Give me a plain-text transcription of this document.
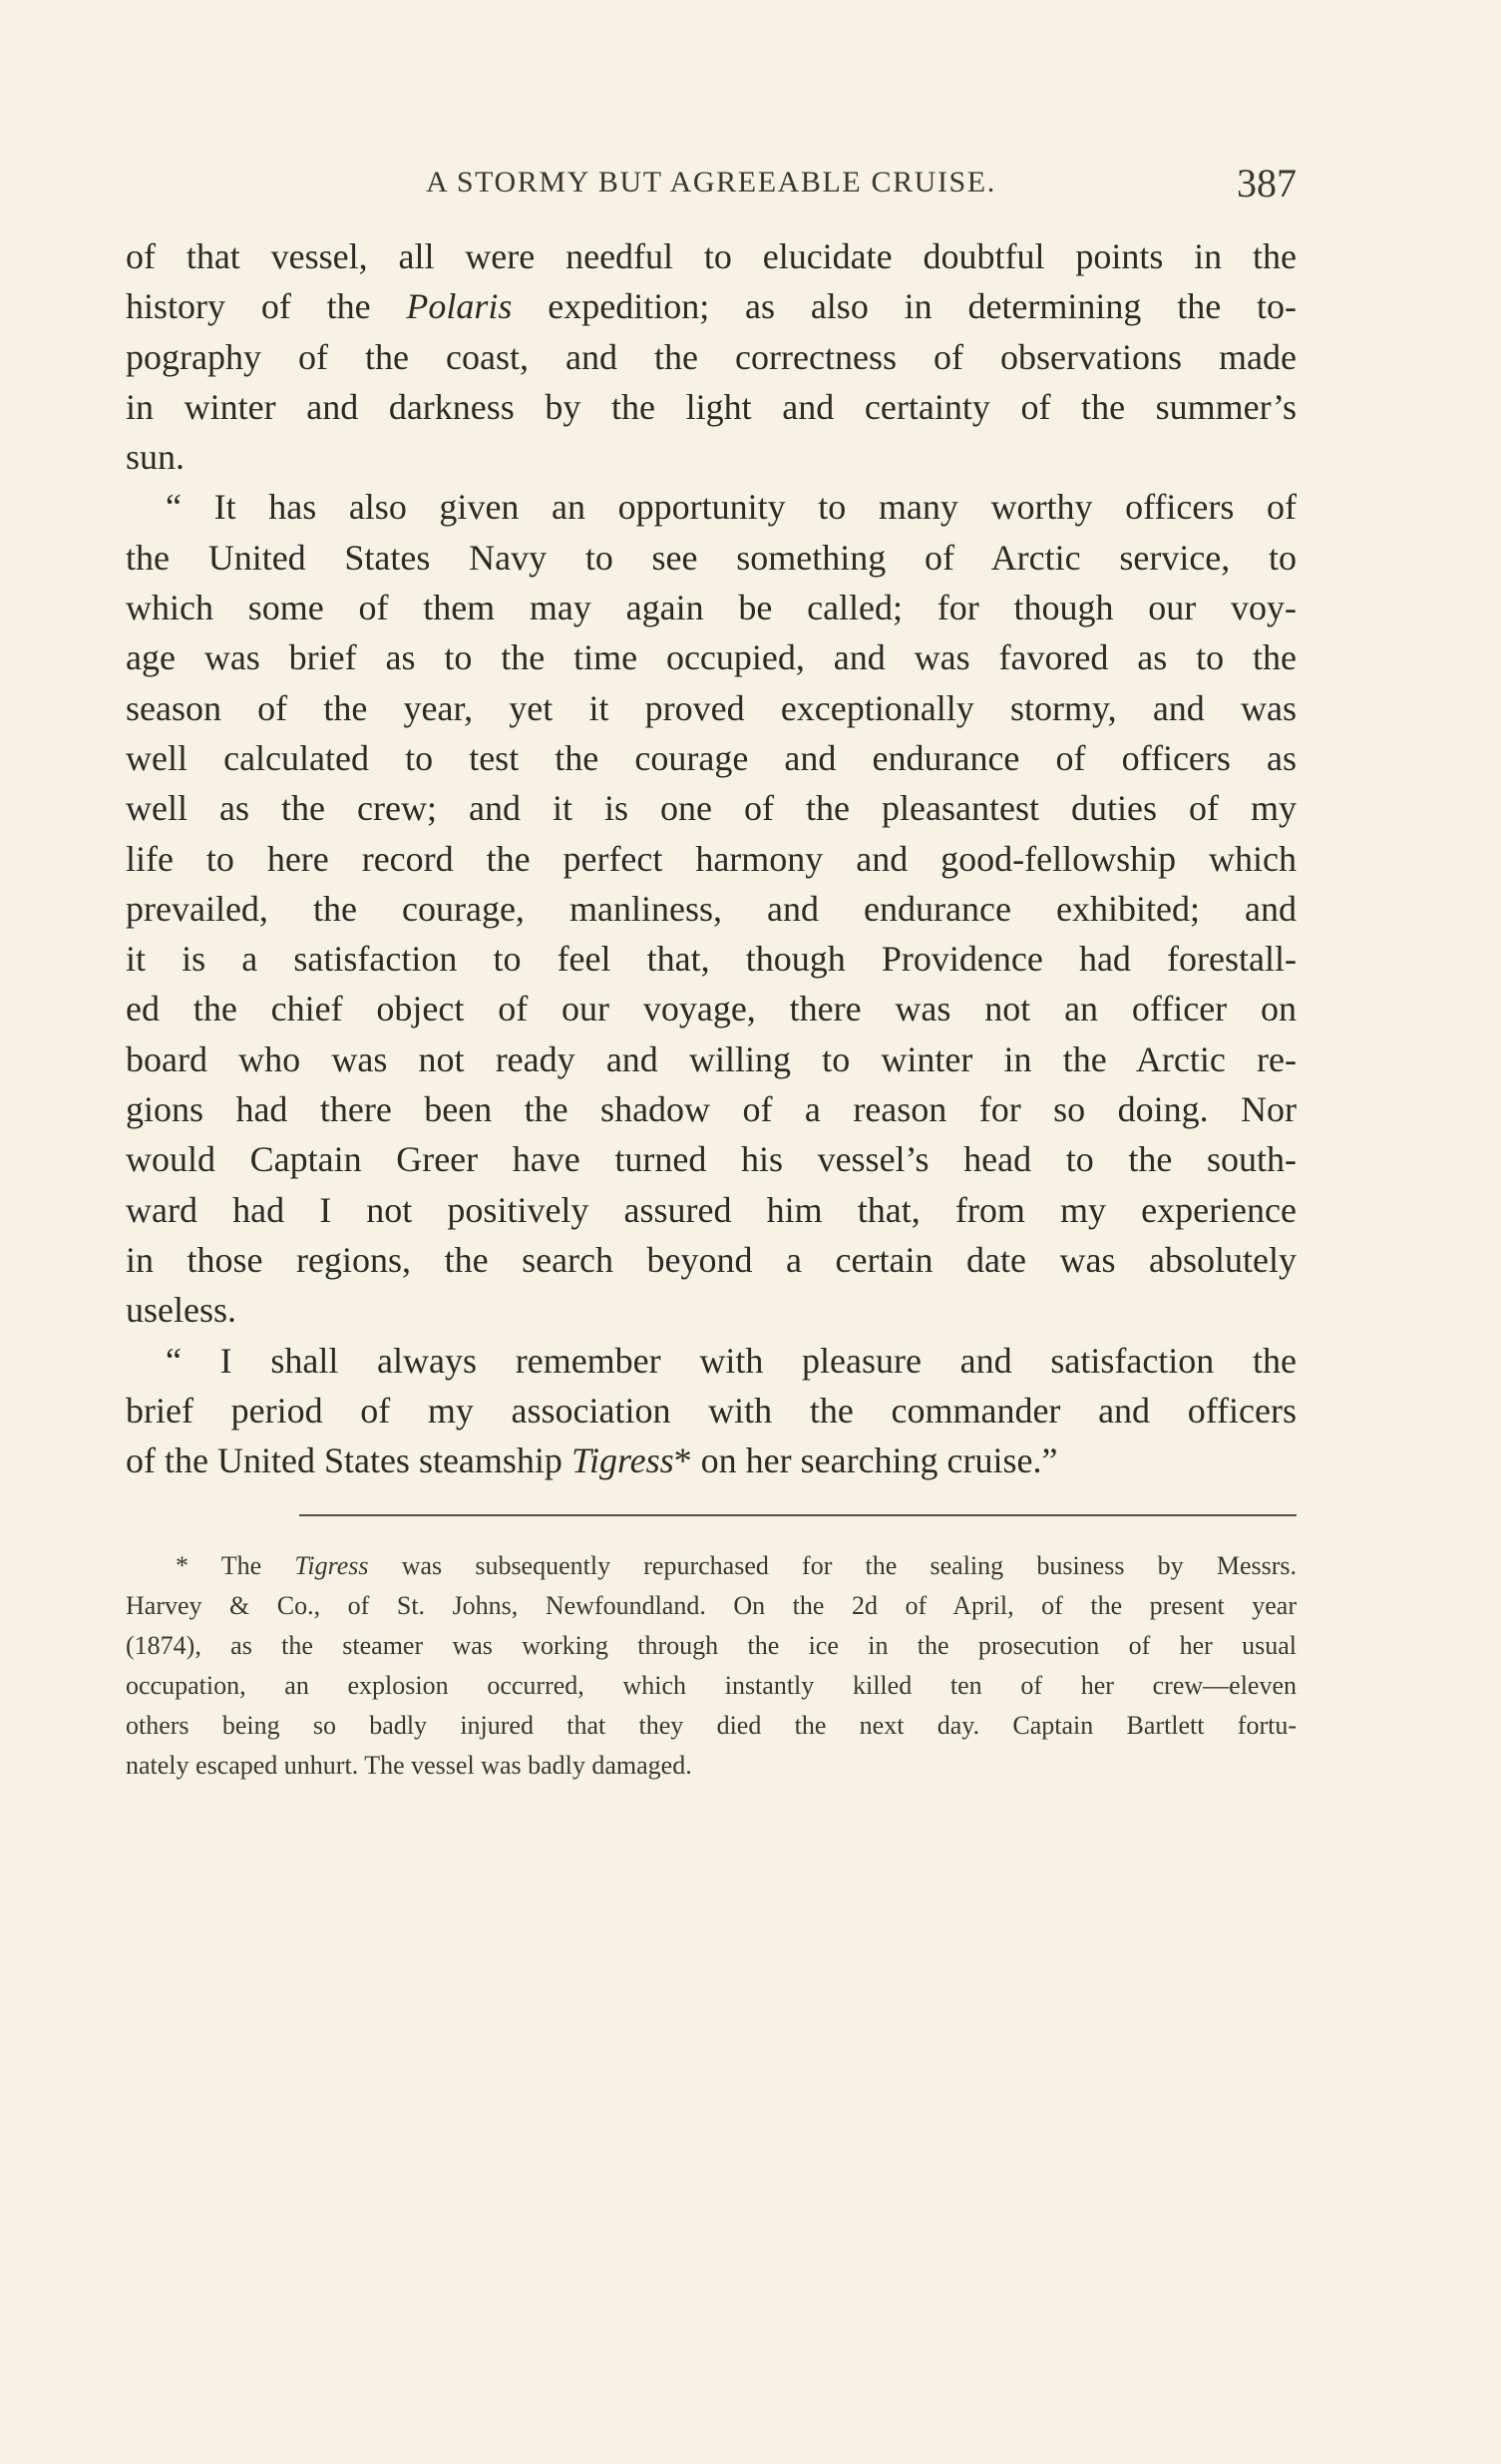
A STORMY BUT AGREEABLE CRUISE.	387
of that vessel, all were needful to elucidate doubtful points in the
history of the Polaris expedition; as also in determining the to-
pography of the coast, and the correctness of observations made
in winter and darkness by the light and certainty of the summer’s
sun.
“ It has also given an opportunity to many worthy officers of
the United States Navy to see something of Arctic service, to
which some of them may again be called; for though our voy-
age was brief as to the time occupied, and was favored as to the
season of the year, yet it proved exceptionally stormy, and was
well calculated to test the courage and endurance of officers as
well as the crew; and it is one of the pleasantest duties of my
life to here record the perfect harmony and good-fellowship which
prevailed, the courage, manliness, and endurance exhibited; and
it is a satisfaction to feel that, though Providence had forestall-
ed the chief object of our voyage, there was not an officer on
board who was not ready and willing to winter in the Arctic re-
gions had there been the shadow of a reason for so doing. Nor
would Captain Greer have turned his vessel’s head to the south-
ward had I not positively assured him that, from my experience
in those regions, the search beyond a certain date was absolutely
useless.
“ I shall always remember with pleasure and satisfaction the
brief period of my association with the commander and officers
of the United States steamship Tigress* on her searching cruise.”
* The Tigress was subsequently repurchased for the sealing business by Messrs.
Harvey & Co., of St. Johns, Newfoundland. On the 2d of April, of the present year
(1874), as the steamer was working through the ice in the prosecution of her usual
occupation, an explosion occurred, which instantly killed ten of her crew—eleven
others being so badly injured that they died the next day. Captain Bartlett fortu-
nately escaped unhurt. The vessel was badly damaged.
